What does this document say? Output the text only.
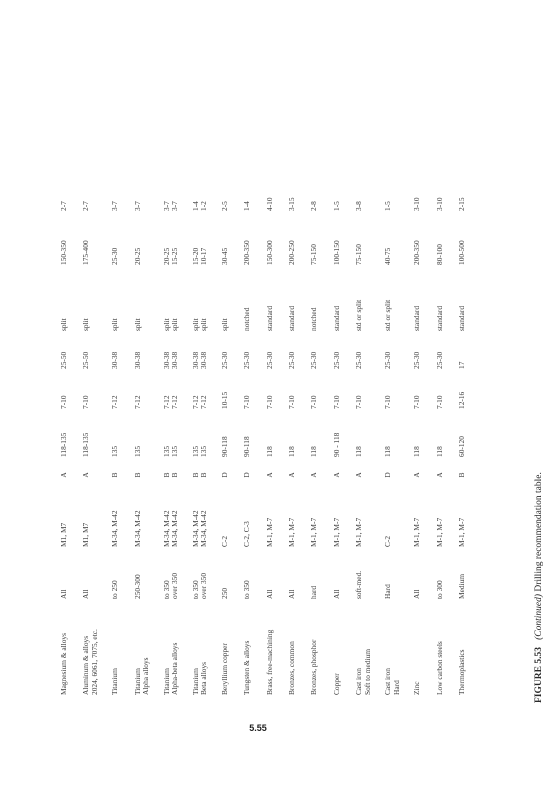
Magnesium & alloys	All	M1, M7	A	118-135	7-10	25-50	split	150-350	2-7

Aluminum & alloys 2024, 6061, 7075, etc.	All	M1, M7	A	118-135	7-10	25-50	split	175-400	2-7

Titanium	to 250	M-34, M-42	B	135	7-12	30-38	split	25-30	3-7

Titanium Alpha alloys	250-300	M-34, M-42	B	135	7-12	30-38	split	20-25	3-7

Titanium Alpha-beta alloys	to 350 over 350	M-34, M-42 M-34, M-42	B B	135 135	7-12 7-12	30-38 30-38	split split	20-25 15-25	3-7 3-7

Titanium Beta alloys	to 350 over 350	M-34, M-42 M-34, M-42	B B	135 135	7-12 7-12	30-38 30-38	split split	15-20 10-17	1-4 1-2

Beryllium copper	250	C-2	D	90-118	10-15	25-30	split	30-45	2-5

Tungsten & alloys	to 350	C-2, C-3	D	90-118	7-10	25-30	notched	200-350	1-4

Brass, free-machining	All	M-1, M-7	A	118	7-10	25-30	standard	150-300	4-10

Bronzes, common	All	M-1, M-7	A	118	7-10	25-30	standard	200-250	3-15

Bronzes, phosphor	hard	M-1, M-7	A	118	7-10	25-30	notched	75-150	2-8

Copper	All	M-1, M-7	A	90 - 118	7-10	25-30	standard	100-150	1-5

Cast iron Soft to medium	soft-med.	M-1, M-7	A	118	7-10	25-30	std or split	75-150	3-8

Cast iron Hard	Hard	C-2	D	118	7-10	25-30	std or split	40-75	1-5

Zinc	All	M-1, M-7	A	118	7-10	25-30	standard	200-350	3-10

Low carbon steels	to 300	M-1, M-7	A	118	7-10	25-30	standard	80-100	3-10

Thermoplastics	Medium	M-1, M-7	B	60-120	12-16	17	standard	100-500	2-15
FIGURE 5.53   (Continued) Drilling recommendation table.
5.55
